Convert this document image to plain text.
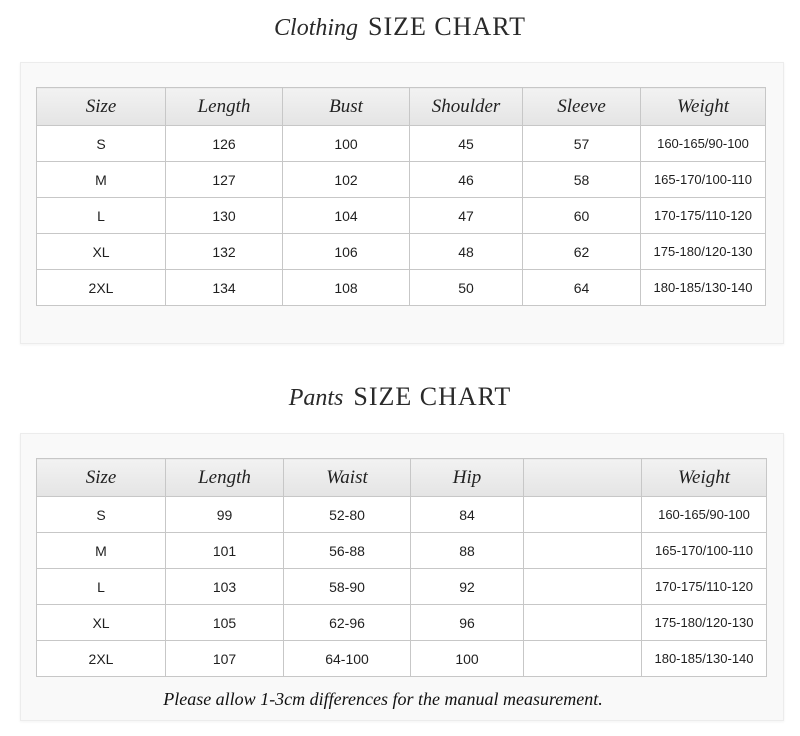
Clothing SIZE CHART
Size	Length	Bust	Shoulder	Sleeve	Weight
S	126	100	45	57	160-165/90-100
M	127	102	46	58	165-170/100-110
L	130	104	47	60	170-175/110-120
XL	132	106	48	62	175-180/120-130
2XL	134	108	50	64	180-185/130-140
Pants SIZE CHART
Size	Length	Waist	Hip		Weight
S	99	52-80	84		160-165/90-100
M	101	56-88	88		165-170/100-110
L	103	58-90	92		170-175/110-120
XL	105	62-96	96		175-180/120-130
2XL	107	64-100	100		180-185/130-140
Please allow 1-3cm differences for the manual measurement.
